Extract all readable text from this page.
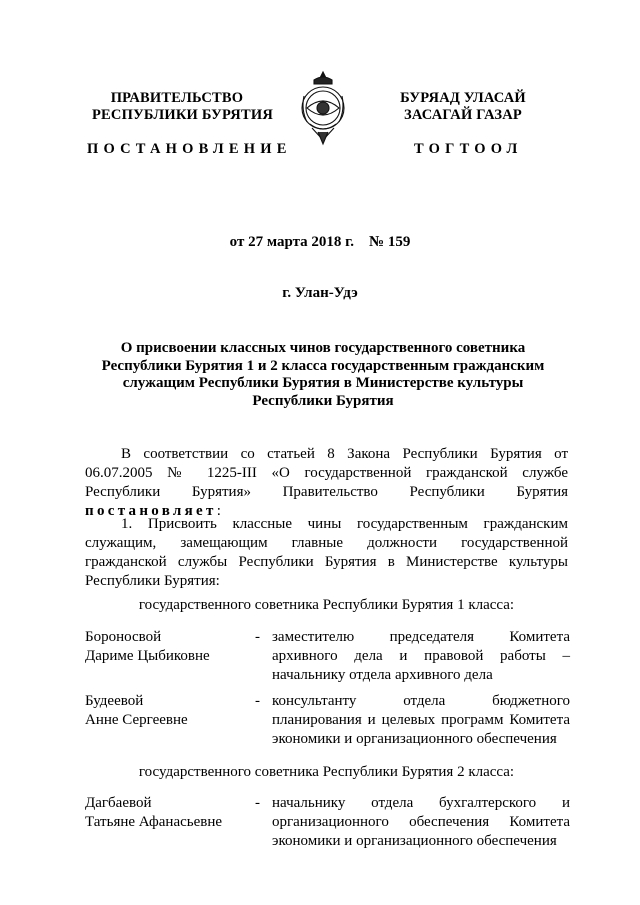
ПРАВИТЕЛЬСТВО
РЕСПУБЛИКИ БУРЯТИЯ
БУРЯАД УЛАСАЙ
ЗАСАГАЙ ГАЗАР
ПОСТАНОВЛЕНИЕ	ТОГТООЛ
от 27 марта 2018 г.    № 159
г. Улан-Удэ
О присвоении классных чинов государственного советника
Республики Бурятия 1 и 2 класса государственным гражданским
служащим Республики Бурятия в Министерстве культуры
Республики Бурятия
В соответствии со статьей 8 Закона Республики Бурятия от 06.07.2005 № 1225-III «О государственной гражданской службе Республики Бурятия» Правительство Республики Бурятия постановляет:
1. Присвоить классные чины государственным гражданским служащим, замещающим главные должности государственной гражданской службы Республики Бурятия в Министерстве культуры Республики Бурятия:
государственного советника Республики Бурятия 1 класса:
Бороносвой
Дариме Цыбиковне
- заместителю председателя Комитета архивного дела и правовой работы – начальнику отдела архивного дела
Будеевой
Анне Сергеевне
- консультанту отдела бюджетного планирования и целевых программ Комитета экономики и организационного обеспечения
государственного советника Республики Бурятия 2 класса:
Дагбаевой
Татьяне Афанасьевне
- начальнику отдела бухгалтерского и организационного обеспечения Комитета экономики и организационного обеспечения
